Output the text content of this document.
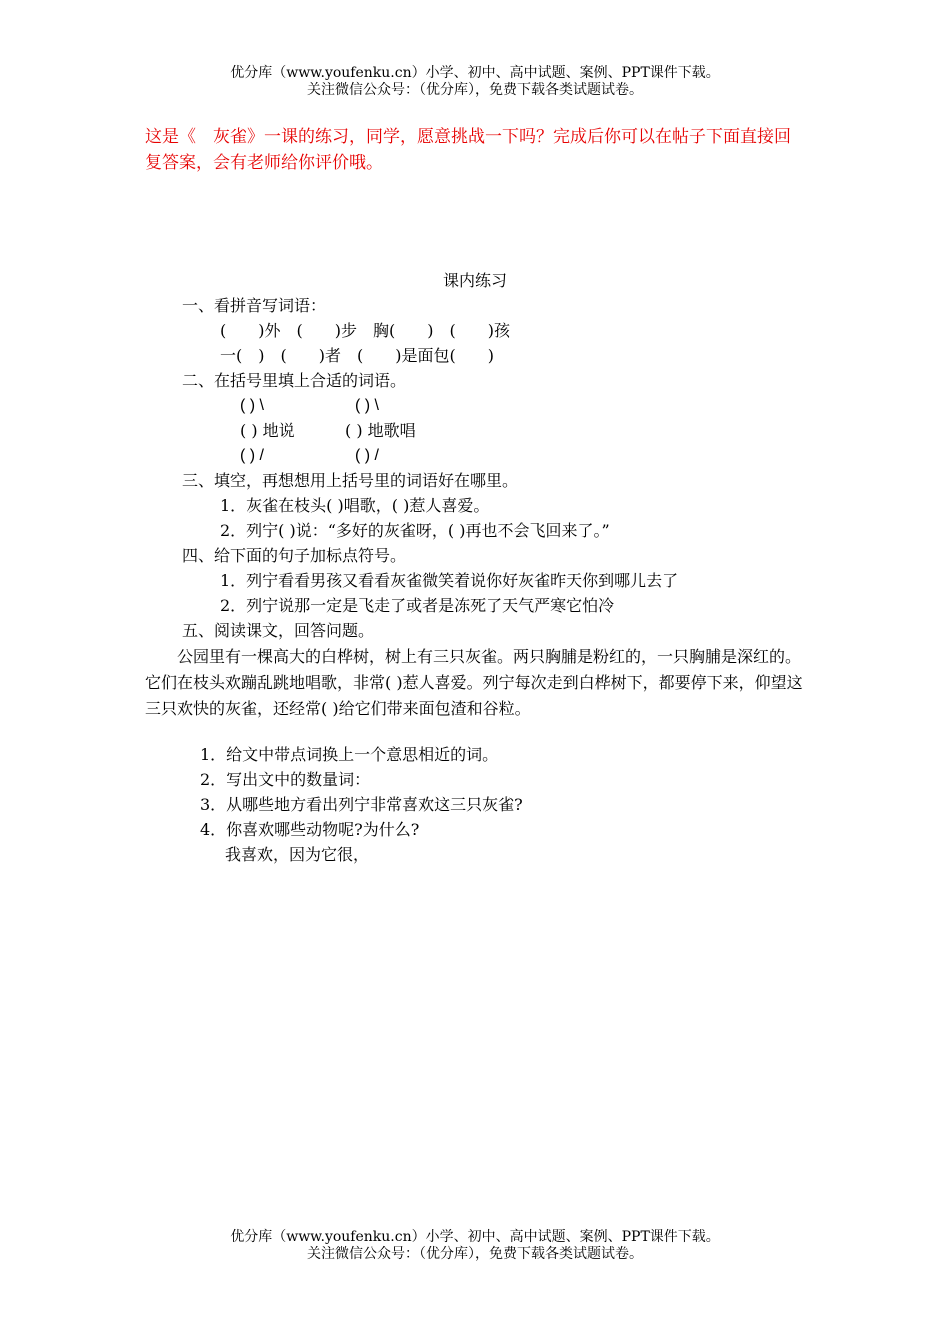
优分库（www.youfenku.cn）小学、初中、高中试题、案例、PPT课件下载。
关注微信公众号：（优分库），免费下载各类试题试卷。
这是《　灰雀》一课的练习，同学，愿意挑战一下吗？完成后你可以在帖子下面直接回复答案，会有老师给你评价哦。
课内练习
一、看拼音写词语：
(　　)外　(　　)步　胸(　　)　(　　)孩
一(　)　(　　)者　(　　)是面包(　　)
二、在括号里填上合适的词语。
( ) \	( ) \
( ) 地说	( ) 地歌唱
( ) /	( ) /
三、填空，再想想用上括号里的词语好在哪里。
1．灰雀在枝头( )唱歌，( )惹人喜爱。
2．列宁( )说：“多好的灰雀呀，( )再也不会飞回来了。”
四、给下面的句子加标点符号。
1．列宁看看男孩又看看灰雀微笑着说你好灰雀昨天你到哪儿去了
2．列宁说那一定是飞走了或者是冻死了天气严寒它怕冷
五、阅读课文，回答问题。
公园里有一棵高大的白桦树，树上有三只灰雀。两只胸脯是粉红的，一只胸脯是深红的。它们在枝头欢蹦乱跳地唱歌，非常( )惹人喜爱。列宁每次走到白桦树下，都要停下来，仰望这三只欢快的灰雀，还经常( )给它们带来面包渣和谷粒。
1．给文中带点词换上一个意思相近的词。
2．写出文中的数量词：
3．从哪些地方看出列宁非常喜欢这三只灰雀?
4．你喜欢哪些动物呢?为什么?
我喜欢，因为它很，
优分库（www.youfenku.cn）小学、初中、高中试题、案例、PPT课件下载。
关注微信公众号：（优分库），免费下载各类试题试卷。
